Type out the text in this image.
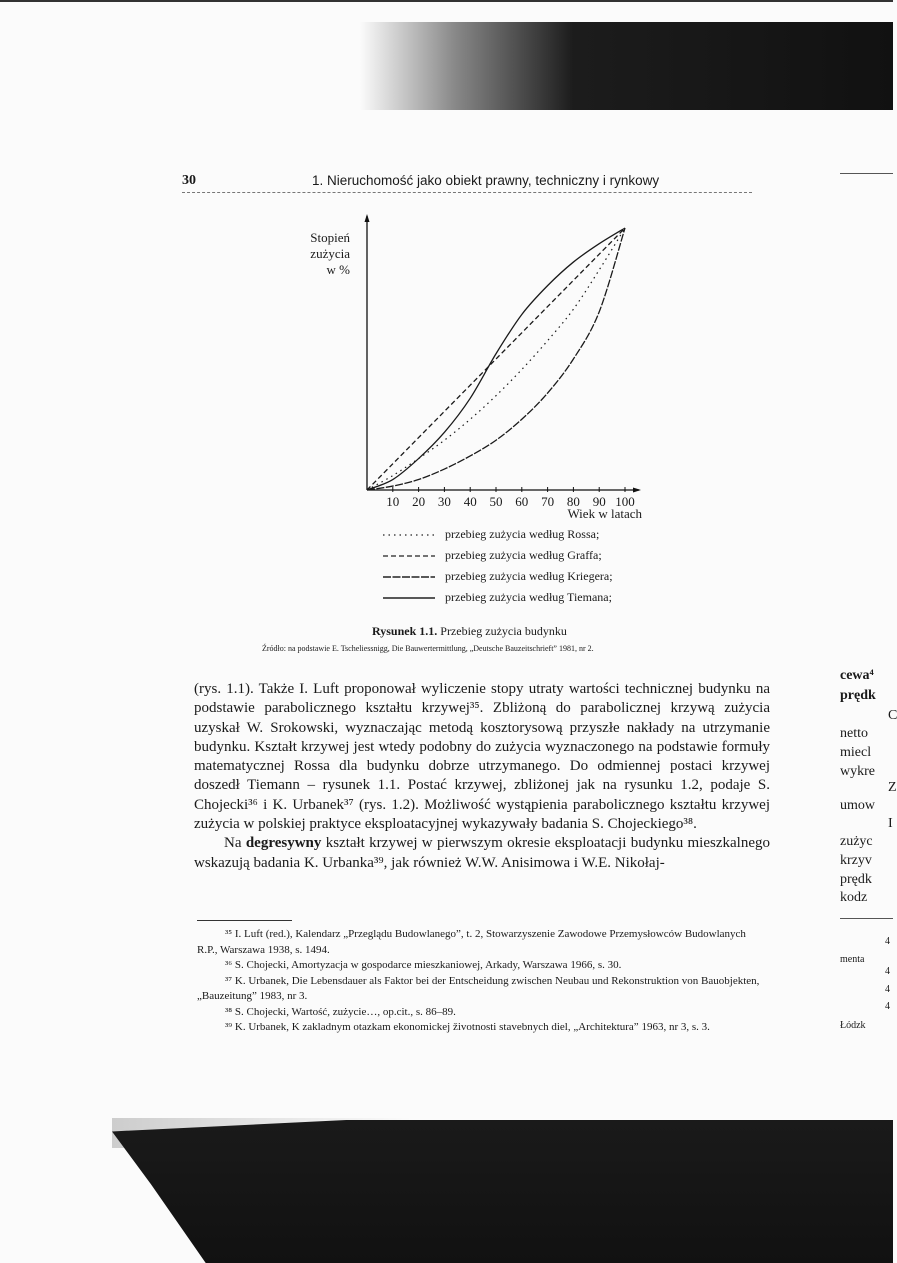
30	1. Nieruchomość jako obiekt prawny, techniczny i rynkowy
10 20 30 40 50 60 70 80 90 100
Stopień
zużycia
w %
Wiek w latach
przebieg zużycia według Rossa;
przebieg zużycia według Graffa;
przebieg zużycia według Kriegera;
przebieg zużycia według Tiemana;
Rysunek 1.1. Przebieg zużycia budynku
Źródło: na podstawie E. Tscheliessnigg, Die Bauwertermittlung, „Deutsche Bauzeitschrieft” 1981, nr 2.

(rys. 1.1). Także I. Luft proponował wyliczenie stopy utraty wartości technicznej budynku na podstawie parabolicznego kształtu krzywej³⁵. Zbliżoną do parabolicznej krzywą zużycia uzyskał W. Srokowski, wyznaczając metodą kosztorysową przyszłe nakłady na utrzymanie budynku. Kształt krzywej jest wtedy podobny do zużycia wyznaczonego na podstawie formuły matematycznej Rossa dla budynku dobrze utrzymanego. Do odmiennej postaci krzywej doszedł Tiemann – rysunek 1.1. Postać krzywej, zbliżonej jak na rysunku 1.2, podaje S. Chojecki³⁶ i K. Urbanek³⁷ (rys. 1.2). Możliwość wystąpienia parabolicznego kształtu krzywej zużycia w polskiej praktyce eksploatacyjnej wykazywały badania S. Chojeckiego³⁸.

Na degresywny kształt krzywej w pierwszym okresie eksploatacji budynku mieszkalnego wskazują badania K. Urbanka³⁹, jak również W.W. Anisimowa i W.E. Nikołaj-

³⁵ I. Luft (red.), Kalendarz „Przeglądu Budowlanego”, t. 2, Stowarzyszenie Zawodowe Przemysłowców Budowlanych R.P., Warszawa 1938, s. 1494.

³⁶ S. Chojecki, Amortyzacja w gospodarce mieszkaniowej, Arkady, Warszawa 1966, s. 30.

³⁷ K. Urbanek, Die Lebensdauer als Faktor bei der Entscheidung zwischen Neubau und Rekonstruktion von Bauobjekten, „Bauzeitung” 1983, nr 3.

³⁸ S. Chojecki, Wartość, zużycie…, op.cit., s. 86–89.

³⁹ K. Urbanek, K zakladnym otazkam ekonomickej životnosti stavebnych diel, „Architektura” 1963, nr 3, s. 3.

cewa⁴
prędk
C
netto
miecl
wykre
Z
umow
I
zużyc
krzyv
prędk
kodz
4
menta
4
4
4
Łódzk
